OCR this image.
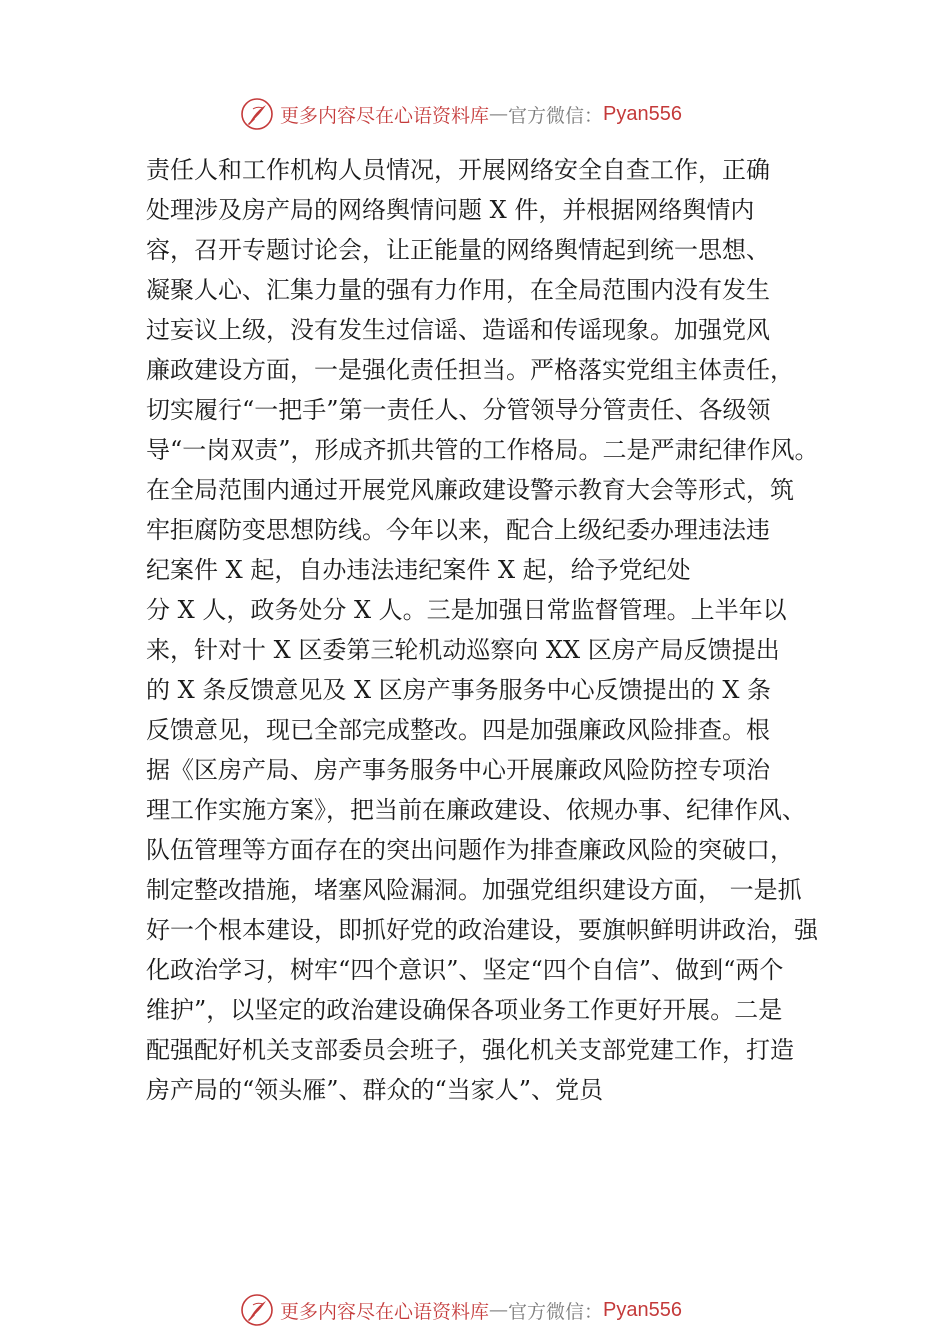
更多内容尽在心语资料库 — 官方微信： Pyan556
责任人和工作机构人员情况，开展网络安全自查工作，正确
处理涉及房产局的网络舆情问题 X 件，并根据网络舆情内
容，召开专题讨论会，让正能量的网络舆情起到统一思想、
凝聚人心、汇集力量的强有力作用，在全局范围内没有发生
过妄议上级，没有发生过信谣、造谣和传谣现象。加强党风
廉政建设方面，一是强化责任担当。严格落实党组主体责任，
切实履行“一把手”第一责任人、分管领导分管责任、各级领
导“一岗双责”，形成齐抓共管的工作格局。二是严肃纪律作风。
在全局范围内通过开展党风廉政建设警示教育大会等形式，筑
牢拒腐防变思想防线。今年以来，配合上级纪委办理违法违
纪案件 X 起，自办违法违纪案件 X 起，给予党纪处
分 X 人，政务处分 X 人。三是加强日常监督管理。上半年以
来，针对十 X 区委第三轮机动巡察向 XX 区房产局反馈提出
的 X 条反馈意见及 X 区房产事务服务中心反馈提出的 X 条
反馈意见，现已全部完成整改。四是加强廉政风险排查。根
据《区房产局、房产事务服务中心开展廉政风险防控专项治
理工作实施方案》，把当前在廉政建设、依规办事、纪律作风、
队伍管理等方面存在的突出问题作为排查廉政风险的突破口，
制定整改措施，堵塞风险漏洞。加强党组织建设方面， 一是抓
好一个根本建设，即抓好党的政治建设，要旗帜鲜明讲政治，强
化政治学习，树牢“四个意识”、坚定“四个自信”、做到“两个
维护”，以坚定的政治建设确保各项业务工作更好开展。二是
配强配好机关支部委员会班子，强化机关支部党建工作，打造
房产局的“领头雁”、群众的“当家人”、党员
更多内容尽在心语资料库 — 官方微信： Pyan556
